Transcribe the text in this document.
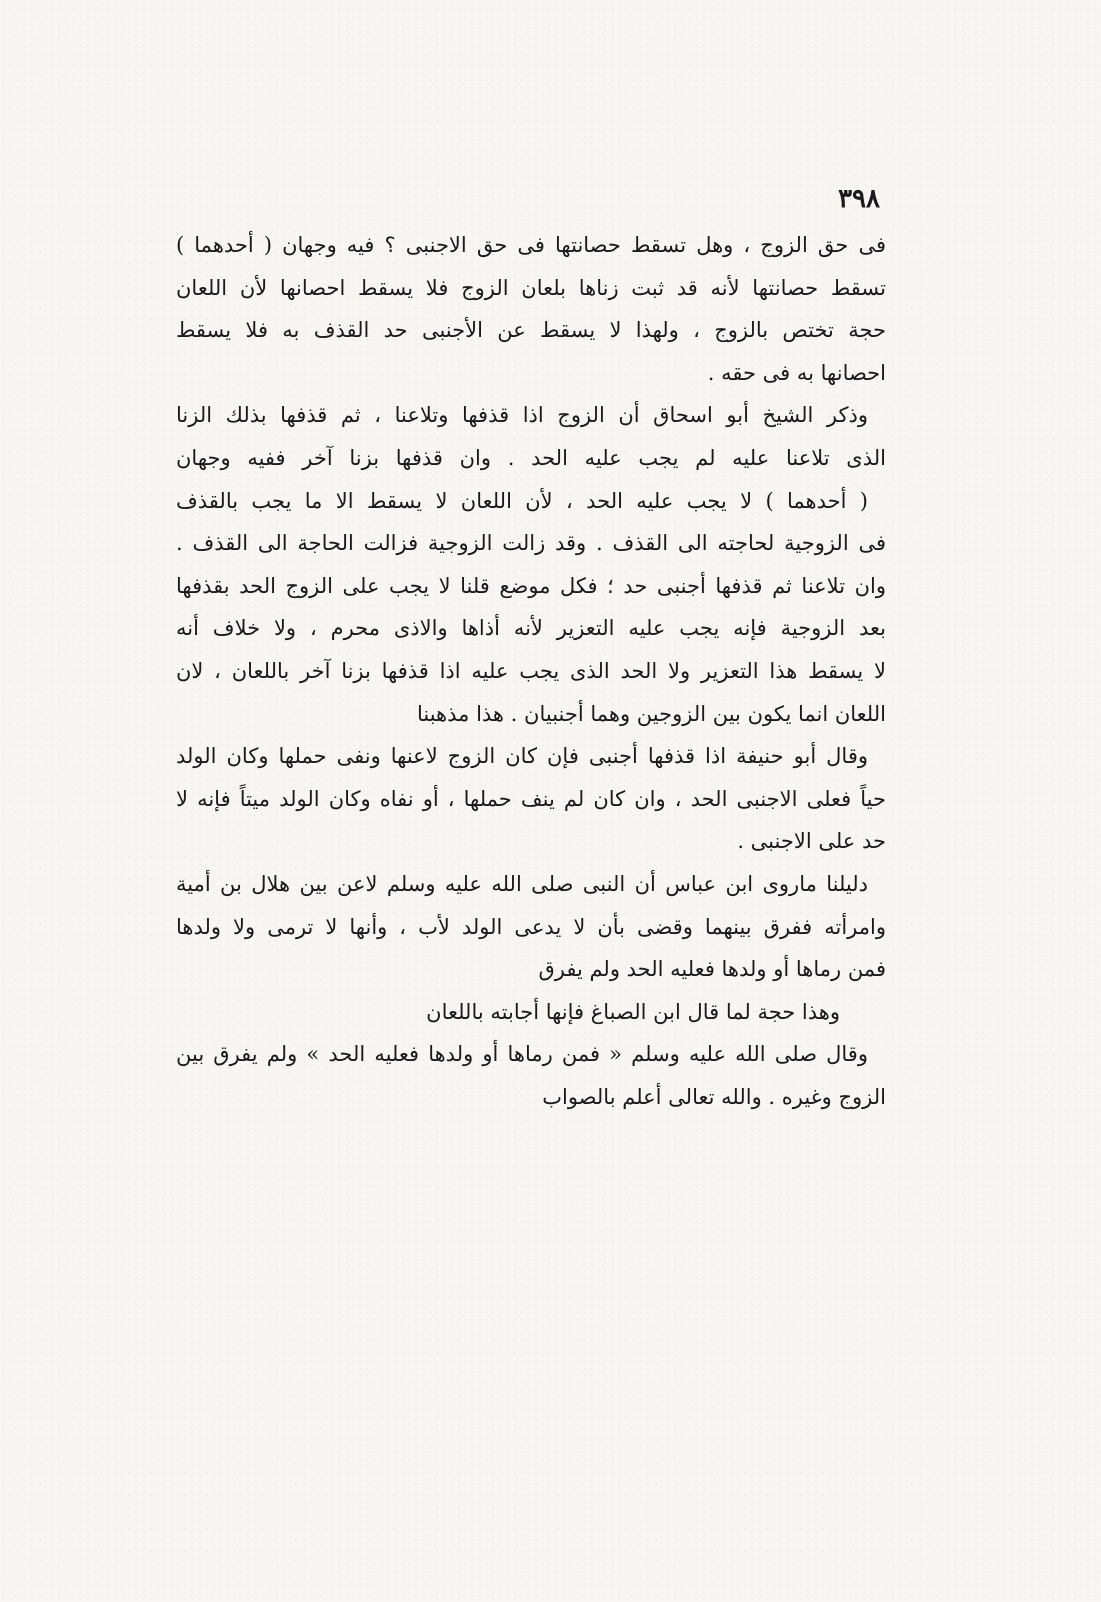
٣٩٨
فى حق الزوج ، وهل تسقط حصانتها فى حق الاجنبى ؟ فيه وجهان ( أحدهما )
تسقط حصانتها لأنه قد ثبت زناها بلعان الزوج فلا يسقط احصانها لأن اللعان
حجة تختص بالزوج ، ولهذا لا يسقط عن الأجنبى حد القذف به فلا يسقط
احصانها به فى حقه .
وذكر الشيخ أبو اسحاق أن الزوج اذا قذفها وتلاعنا ، ثم قذفها بذلك الزنا
الذى تلاعنا عليه لم يجب عليه الحد . وان قذفها بزنا آخر ففيه وجهان
( أحدهما ) لا يجب عليه الحد ، لأن اللعان لا يسقط الا ما يجب بالقذف
فى الزوجية لحاجته الى القذف . وقد زالت الزوجية فزالت الحاجة الى القذف .
وان تلاعنا ثم قذفها أجنبى حد ؛ فكل موضع قلنا لا يجب على الزوج الحد بقذفها
بعد الزوجية فإنه يجب عليه التعزير لأنه أذاها والاذى محرم ، ولا خلاف أنه
لا يسقط هذا التعزير ولا الحد الذى يجب عليه اذا قذفها بزنا آخر باللعان ، لان
اللعان انما يكون بين الزوجين وهما أجنبيان . هذا مذهبنا
وقال أبو حنيفة اذا قذفها أجنبى فإن كان الزوج لاعنها ونفى حملها وكان الولد
حياً فعلى الاجنبى الحد ، وان كان لم ينف حملها ، أو نفاه وكان الولد ميتاً فإنه لا
حد على الاجنبى .
دليلنا ماروى ابن عباس أن النبى صلى الله عليه وسلم لاعن بين هلال بن أمية
وامرأته ففرق بينهما وقضى بأن لا يدعى الولد لأب ، وأنها لا ترمى ولا ولدها
فمن رماها أو ولدها فعليه الحد ولم يفرق
وهذا حجة لما قال ابن الصباغ فإنها أجابته باللعان
وقال صلى الله عليه وسلم « فمن رماها أو ولدها فعليه الحد » ولم يفرق بين
الزوج وغيره . والله تعالى أعلم بالصواب
